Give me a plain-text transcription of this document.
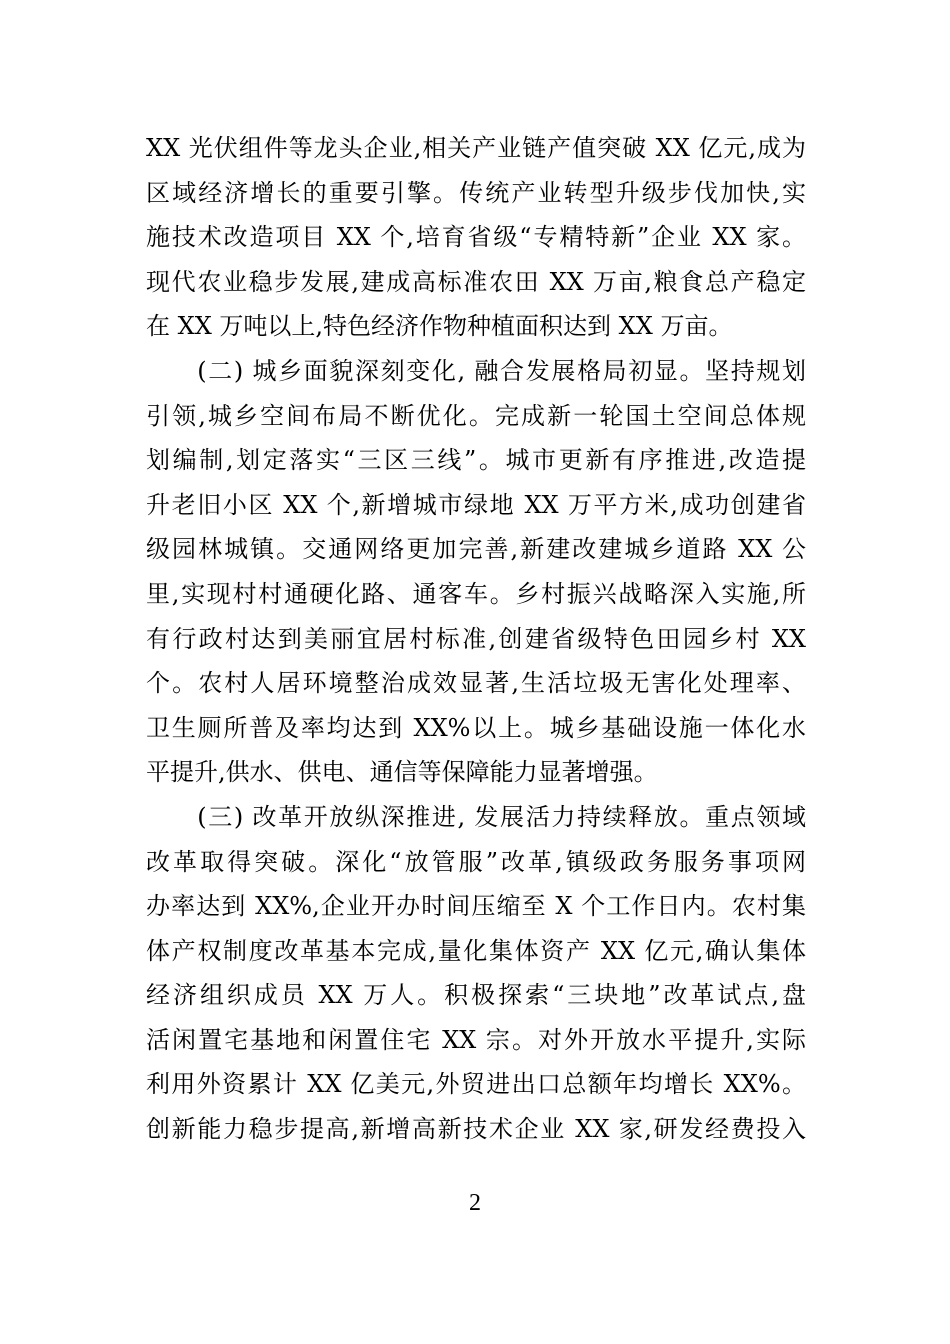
XX 光伏组件等龙头企业,相关产业链产值突破 XX 亿元,成为
区域经济增长的重要引擎。传统产业转型升级步伐加快,实
施技术改造项目 XX 个,培育省级“专精特新”企业 XX 家。
现代农业稳步发展,建成高标准农田 XX 万亩,粮食总产稳定
在 XX 万吨以上,特色经济作物种植面积达到 XX 万亩。
　　(二) 城乡面貌深刻变化, 融合发展格局初显。坚持规划
引领,城乡空间布局不断优化。完成新一轮国土空间总体规
划编制,划定落实“三区三线”。城市更新有序推进,改造提
升老旧小区 XX 个,新增城市绿地 XX 万平方米,成功创建省
级园林城镇。交通网络更加完善,新建改建城乡道路 XX 公
里,实现村村通硬化路、通客车。乡村振兴战略深入实施,所
有行政村达到美丽宜居村标准,创建省级特色田园乡村 XX
个。农村人居环境整治成效显著,生活垃圾无害化处理率、
卫生厕所普及率均达到 XX%以上。城乡基础设施一体化水
平提升,供水、供电、通信等保障能力显著增强。
　　(三) 改革开放纵深推进, 发展活力持续释放。重点领域
改革取得突破。深化“放管服”改革,镇级政务服务事项网
办率达到 XX%,企业开办时间压缩至 X 个工作日内。农村集
体产权制度改革基本完成,量化集体资产 XX 亿元,确认集体
经济组织成员 XX 万人。积极探索“三块地”改革试点,盘
活闲置宅基地和闲置住宅 XX 宗。对外开放水平提升,实际
利用外资累计 XX 亿美元,外贸进出口总额年均增长 XX%。
创新能力稳步提高,新增高新技术企业 XX 家,研发经费投入
2
